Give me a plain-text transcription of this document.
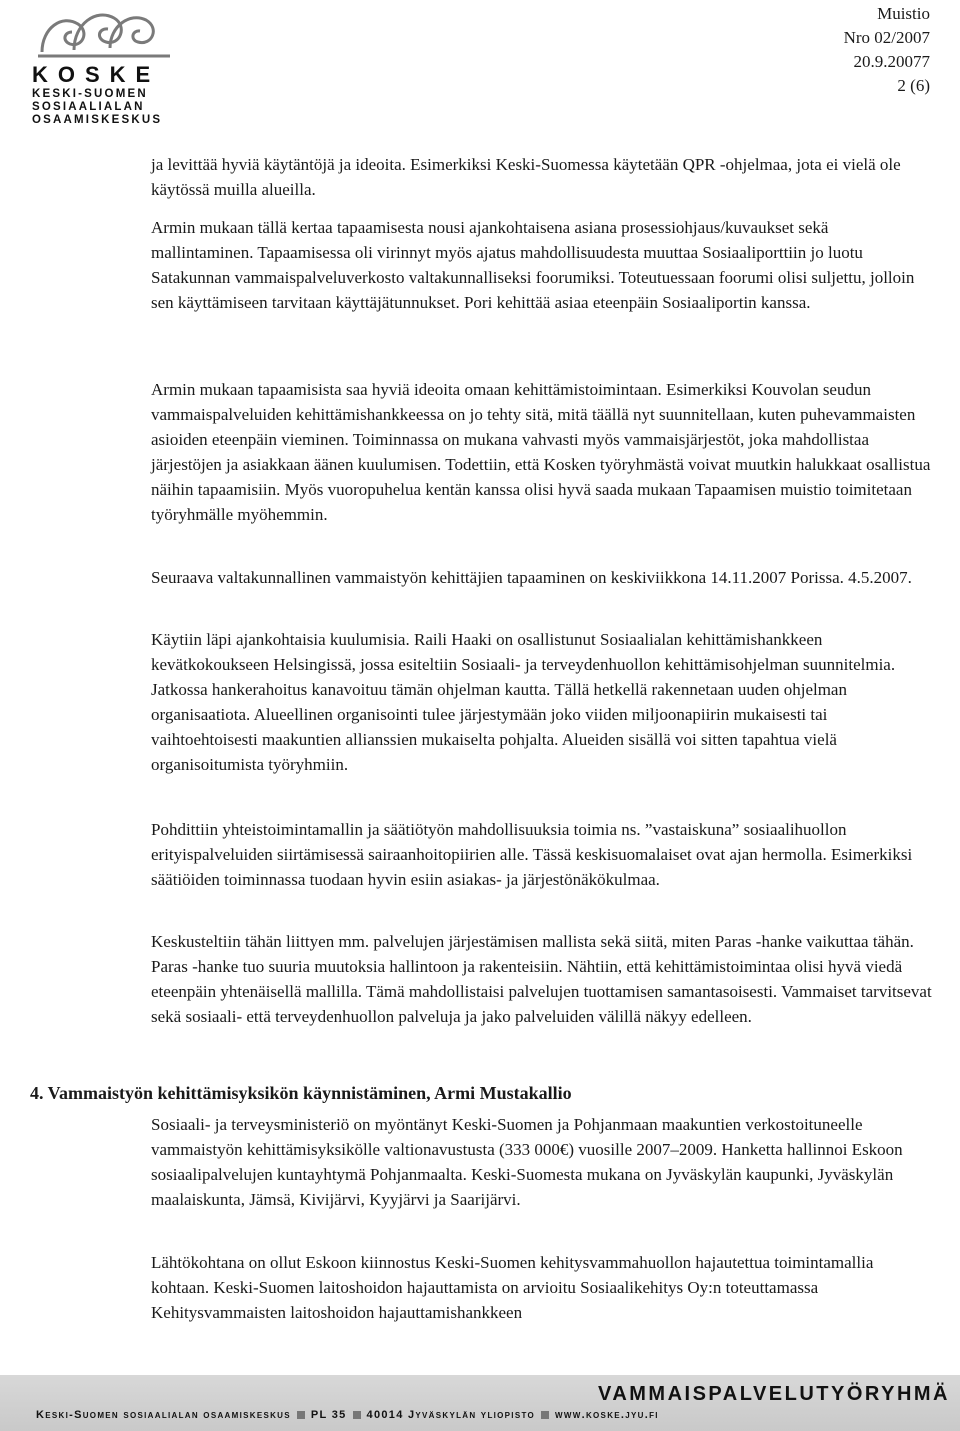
KOSKE
KESKI-SUOMEN
SOSIAALIALAN
OSAAMISKESKUS
Muistio
Nro 02/2007
20.9.20077
2 (6)

ja levittää hyviä käytäntöjä ja ideoita. Esimerkiksi Keski-Suomessa käytetään QPR -ohjelmaa, jota ei vielä ole käytössä muilla alueilla.

Armin mukaan tällä kertaa tapaamisesta nousi ajankohtaisena asiana prosessiohjaus/kuvaukset sekä mallintaminen. Tapaamisessa oli virinnyt myös ajatus mahdollisuudesta muuttaa Sosiaaliporttiin jo luotu Satakunnan vammaispalveluverkosto valtakunnalliseksi foorumiksi. Toteutuessaan foorumi olisi suljettu, jolloin sen käyttämiseen tarvitaan käyttäjätunnukset. Pori kehittää asiaa eteenpäin Sosiaaliportin kanssa.

Armin mukaan tapaamisista saa hyviä ideoita omaan kehittämistoimintaan. Esimerkiksi Kouvolan seudun vammaispalveluiden kehittämishankkeessa on jo tehty sitä, mitä täällä nyt suunnitellaan, kuten puhevammaisten asioiden eteenpäin vieminen. Toiminnassa on mukana vahvasti myös vammaisjärjestöt, joka mahdollistaa järjestöjen ja asiakkaan äänen kuulumisen. Todettiin, että Kosken työryhmästä voivat muutkin halukkaat osallistua näihin tapaamisiin. Myös vuoropuhelua kentän kanssa olisi hyvä saada mukaan Tapaamisen muistio toimitetaan työryhmälle myöhemmin.

Seuraava valtakunnallinen vammaistyön kehittäjien tapaaminen on keskiviikkona 14.11.2007 Porissa. 4.5.2007.

Käytiin läpi ajankohtaisia kuulumisia. Raili Haaki on osallistunut Sosiaalialan kehittämishankkeen kevätkokoukseen Helsingissä, jossa esiteltiin Sosiaali- ja terveydenhuollon kehittämisohjelman suunnitelmia. Jatkossa hankerahoitus kanavoituu tämän ohjelman kautta. Tällä hetkellä rakennetaan uuden ohjelman organisaatiota. Alueellinen organisointi tulee järjestymään joko viiden miljoonapiirin mukaisesti tai vaihtoehtoisesti maakuntien allianssien mukaiselta pohjalta. Alueiden sisällä voi sitten tapahtua vielä organisoitumista työryhmiin.

Pohdittiin yhteistoimintamallin ja säätiötyön mahdollisuuksia toimia ns. ”vastaiskuna” sosiaalihuollon erityispalveluiden siirtämisessä sairaanhoitopiirien alle. Tässä keskisuomalaiset ovat ajan hermolla. Esimerkiksi säätiöiden toiminnassa tuodaan hyvin esiin asiakas- ja järjestönäkökulmaa.

Keskusteltiin tähän liittyen mm. palvelujen järjestämisen mallista sekä siitä, miten Paras -hanke vaikuttaa tähän. Paras -hanke tuo suuria muutoksia hallintoon ja rakenteisiin. Nähtiin, että kehittämistoimintaa olisi hyvä viedä eteenpäin yhtenäisellä mallilla. Tämä mahdollistaisi palvelujen tuottamisen samantasoisesti. Vammaiset tarvitsevat sekä sosiaali- että terveydenhuollon palveluja ja jako palveluiden välillä näkyy edelleen.

4. Vammaistyön kehittämisyksikön käynnistäminen, Armi Mustakallio

Sosiaali- ja terveysministeriö on myöntänyt Keski-Suomen ja Pohjanmaan maakuntien verkostoituneelle vammaistyön kehittämisyksikölle valtionavustusta (333 000€) vuosille 2007–2009. Hanketta hallinnoi Eskoon sosiaalipalvelujen kuntayhtymä Pohjanmaalta. Keski-Suomesta mukana on Jyväskylän kaupunki, Jyväskylän maalaiskunta, Jämsä, Kivijärvi, Kyyjärvi ja Saarijärvi.

Lähtökohtana on ollut Eskoon kiinnostus Keski-Suomen kehitysvammahuollon hajautettua toimintamallia kohtaan. Keski-Suomen laitoshoidon hajauttamista on arvioitu Sosiaalikehitys Oy:n toteuttamassa Kehitysvammaisten laitoshoidon hajauttamishankkeen

VAMMAISPALVELUTYÖRYHMÄ
Keski-Suomen sosiaalialan osaamiskeskus PL 35 40014 Jyväskylän yliopisto www.koske.jyu.fi
